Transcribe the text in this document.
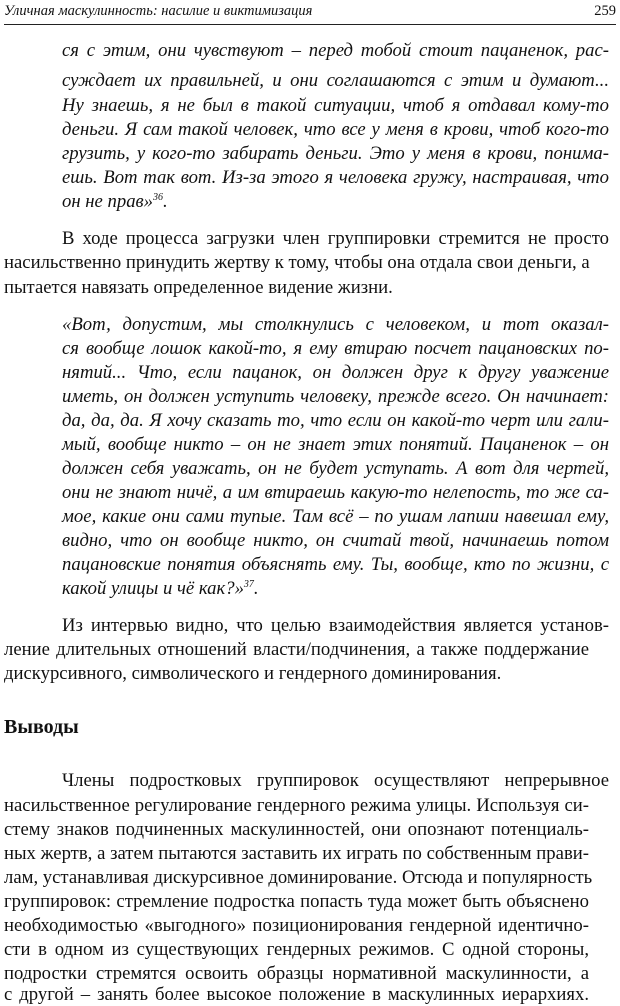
Уличная маскулинность: насилие и виктимизация	259
ся с этим, они чувствуют – перед тобой стоит пацаненок, рас-
суждает их правильней, и они соглашаются с этим и думают...
Ну знаешь, я не был в такой ситуации, чтоб я отдавал кому-то
деньги. Я сам такой человек, что все у меня в крови, чтоб кого-то
грузить, у кого-то забирать деньги. Это у меня в крови, понима-
ешь. Вот так вот. Из-за этого я человека гружу, настраивая, что
он не прав»$^{36}$.
В ходе процесса загрузки член группировки стремится не просто
насильственно принудить жертву к тому, чтобы она отдала свои деньги, а
пытается навязать определенное видение жизни.
«Вот, допустим, мы столкнулись с человеком, и тот оказал-
ся вообще лошок какой-то, я ему втираю посчет пацановских по-
нятий... Что, если пацанок, он должен друг к другу уважение
иметь, он должен уступить человеку, прежде всего. Он начинает:
да, да, да. Я хочу сказать то, что если он какой-то черт или гали-
мый, вообще никто – он не знает этих понятий. Пацаненок – он
должен себя уважать, он не будет уступать. А вот для чертей,
они не знают ничё, а им втираешь какую-то нелепость, то же са-
мое, какие они сами тупые. Там всё – по ушам лапши навешал ему,
видно, что он вообще никто, он считай твой, начинаешь потом
пацановские понятия объяснять ему. Ты, вообще, кто по жизни, с
какой улицы и чё как?»$^{37}$.
Из интервью видно, что целью взаимодействия является установ-
ление длительных отношений власти/подчинения, а также поддержание
дискурсивного, символического и гендерного доминирования.
Выводы
Члены подростковых группировок осуществляют непрерывное
насильственное регулирование гендерного режима улицы. Используя си-
стему знаков подчиненных маскулинностей, они опознают потенциаль-
ных жертв, а затем пытаются заставить их играть по собственным прави-
лам, устанавливая дискурсивное доминирование. Отсюда и популярность
группировок: стремление подростка попасть туда может быть объяснено
необходимостью «выгодного» позиционирования гендерной идентично-
сти в одном из существующих гендерных режимов. С одной стороны,
подростки стремятся освоить образцы нормативной маскулинности, а
с другой – занять более высокое положение в маскулинных иерархиях.
